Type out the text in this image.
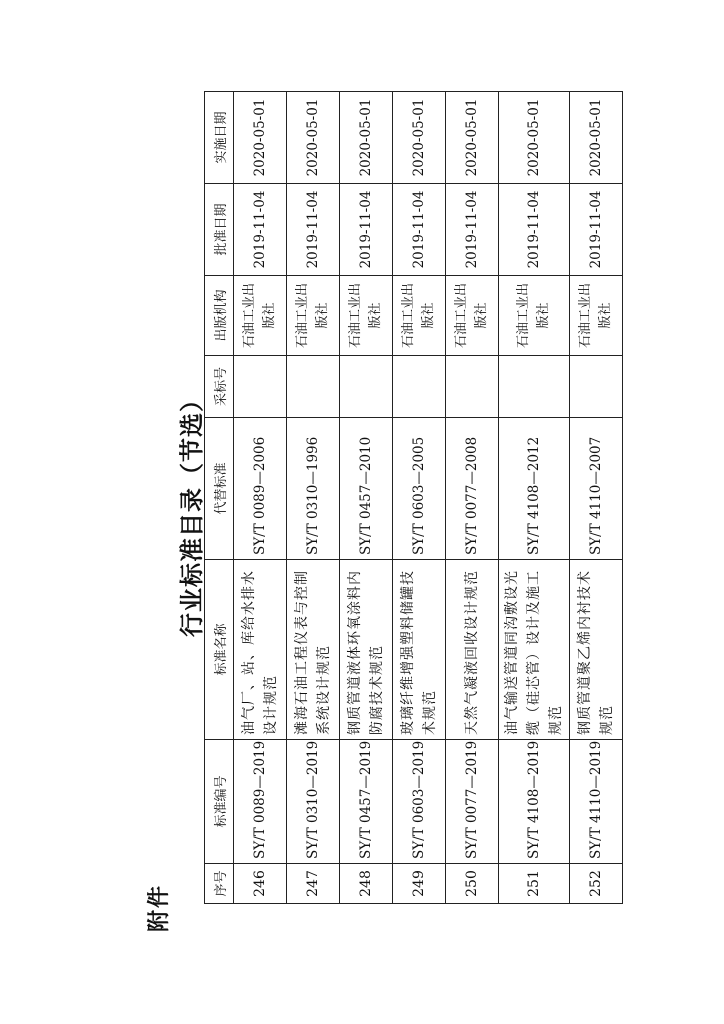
附件
行业标准目录（节选）
序号	标准编号	标准名称	代替标准	采标号	出版机构	批准日期	实施日期
246	SY/T 0089—2019	油气厂、站、库给水排水设计规范	SY/T 0089—2006		石油工业出版社	2019-11-04	2020-05-01
247	SY/T 0310—2019	滩海石油工程仪表与控制系统设计规范	SY/T 0310—1996		石油工业出版社	2019-11-04	2020-05-01
248	SY/T 0457—2019	钢质管道液体环氧涂料内防腐技术规范	SY/T 0457—2010		石油工业出版社	2019-11-04	2020-05-01
249	SY/T 0603—2019	玻璃纤维增强塑料储罐技术规范	SY/T 0603—2005		石油工业出版社	2019-11-04	2020-05-01
250	SY/T 0077—2019	天然气凝液回收设计规范	SY/T 0077—2008		石油工业出版社	2019-11-04	2020-05-01
251	SY/T 4108—2019	油气输送管道同沟敷设光缆（硅芯管）设计及施工规范	SY/T 4108—2012		石油工业出版社	2019-11-04	2020-05-01
252	SY/T 4110—2019	钢质管道聚乙烯内衬技术规范	SY/T 4110—2007		石油工业出版社	2019-11-04	2020-05-01
